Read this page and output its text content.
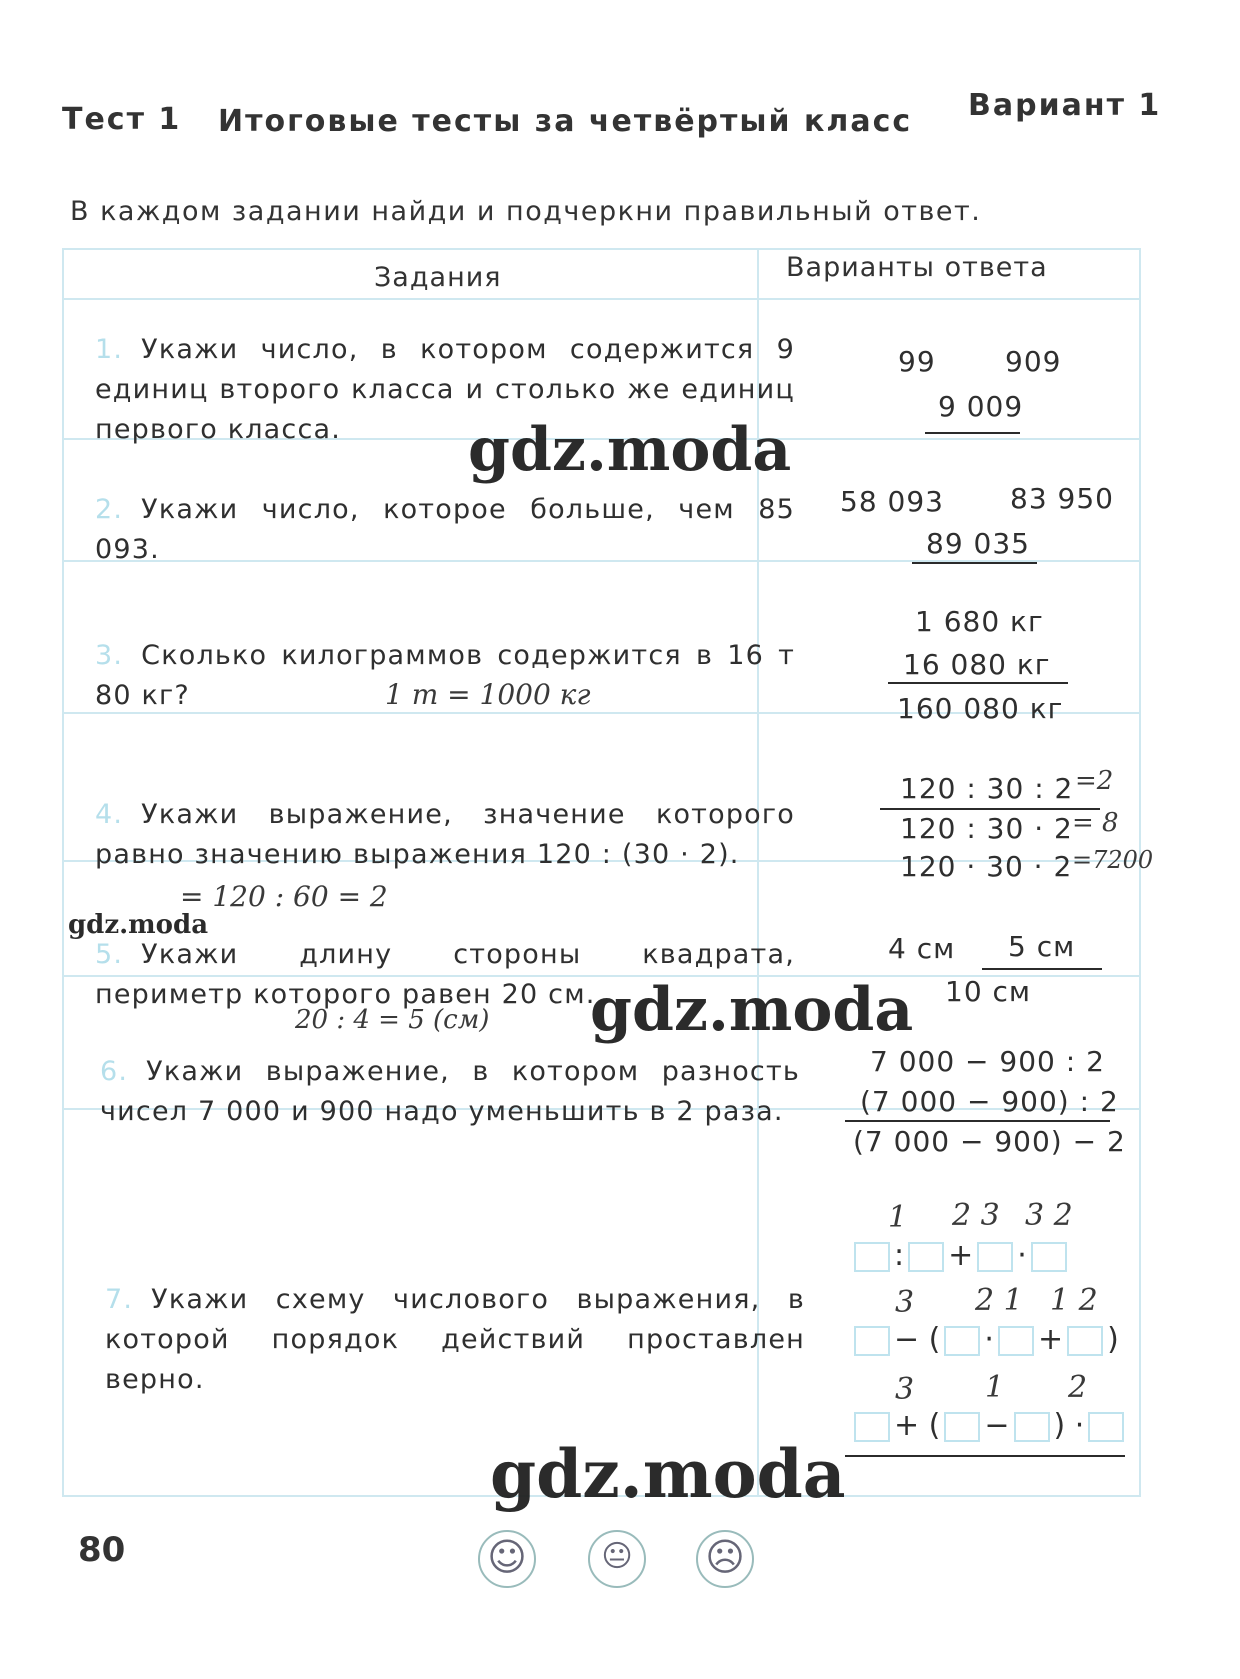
Тест 1 Итоговые тесты за четвёртый класс Вариант 1
В каждом задании найди и подчеркни правильный ответ.
Задания	Варианты ответа
1. Укажи число, в котором содержится 9 единиц второго класса и столько же единиц первого класса.
99 909
9 009
2. Укажи число, которое больше, чем 85 093.
58 093 83 950
89 035
3. Сколько килограммов содержится в 16 т 80 кг?	1 т = 1000 кг
1 680 кг
16 080 кг
160 080 кг
4. Укажи выражение, значение которого равно значению выражения 120 : (30 · 2).
= 120 : 60 = 2
120 : 30 : 2 =2
120 : 30 · 2 = 8
120 · 30 · 2 =7200
5. Укажи длину стороны квадрата, периметр которого равен 20 см.
20 : 4 = 5 (см)
4 см 5 см
10 см
6. Укажи выражение, в котором разность чисел 7 000 и 900 надо уменьшить в 2 раза.
7 000 − 900 : 2
(7 000 − 900) : 2
(7 000 − 900) − 2
7. Укажи схему числового выражения, в которой порядок действий проставлен верно.
1 2 3 3 2
: + ·
3 2 1 1 2
− ( · + )
3 1 2
+ ( − ) ·
gdz.moda
gdz.moda
gdz.moda
gdz.moda
80	☺	😐 ☹
